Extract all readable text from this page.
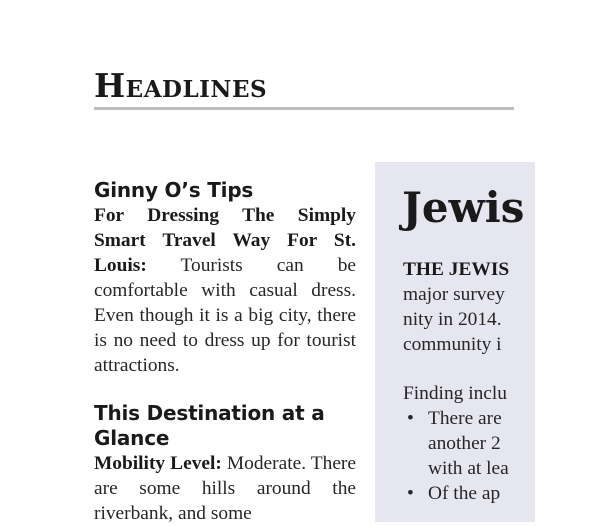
Headlines
Ginny O’s Tips

For Dressing The Simply Smart Travel Way For St. Louis: Tourists can be comfortable with casual dress. Even though it is a big city, there is no need to dress up for tourist attractions.

This Destination at a Glance

Mobility Level: Moderate. There are some hills around the riverbank, and some

Jewis

THE JEWIS

major survey

nity in 2014.

community i

Finding inclu

• There are
another 2
with at lea
• Of the ap
